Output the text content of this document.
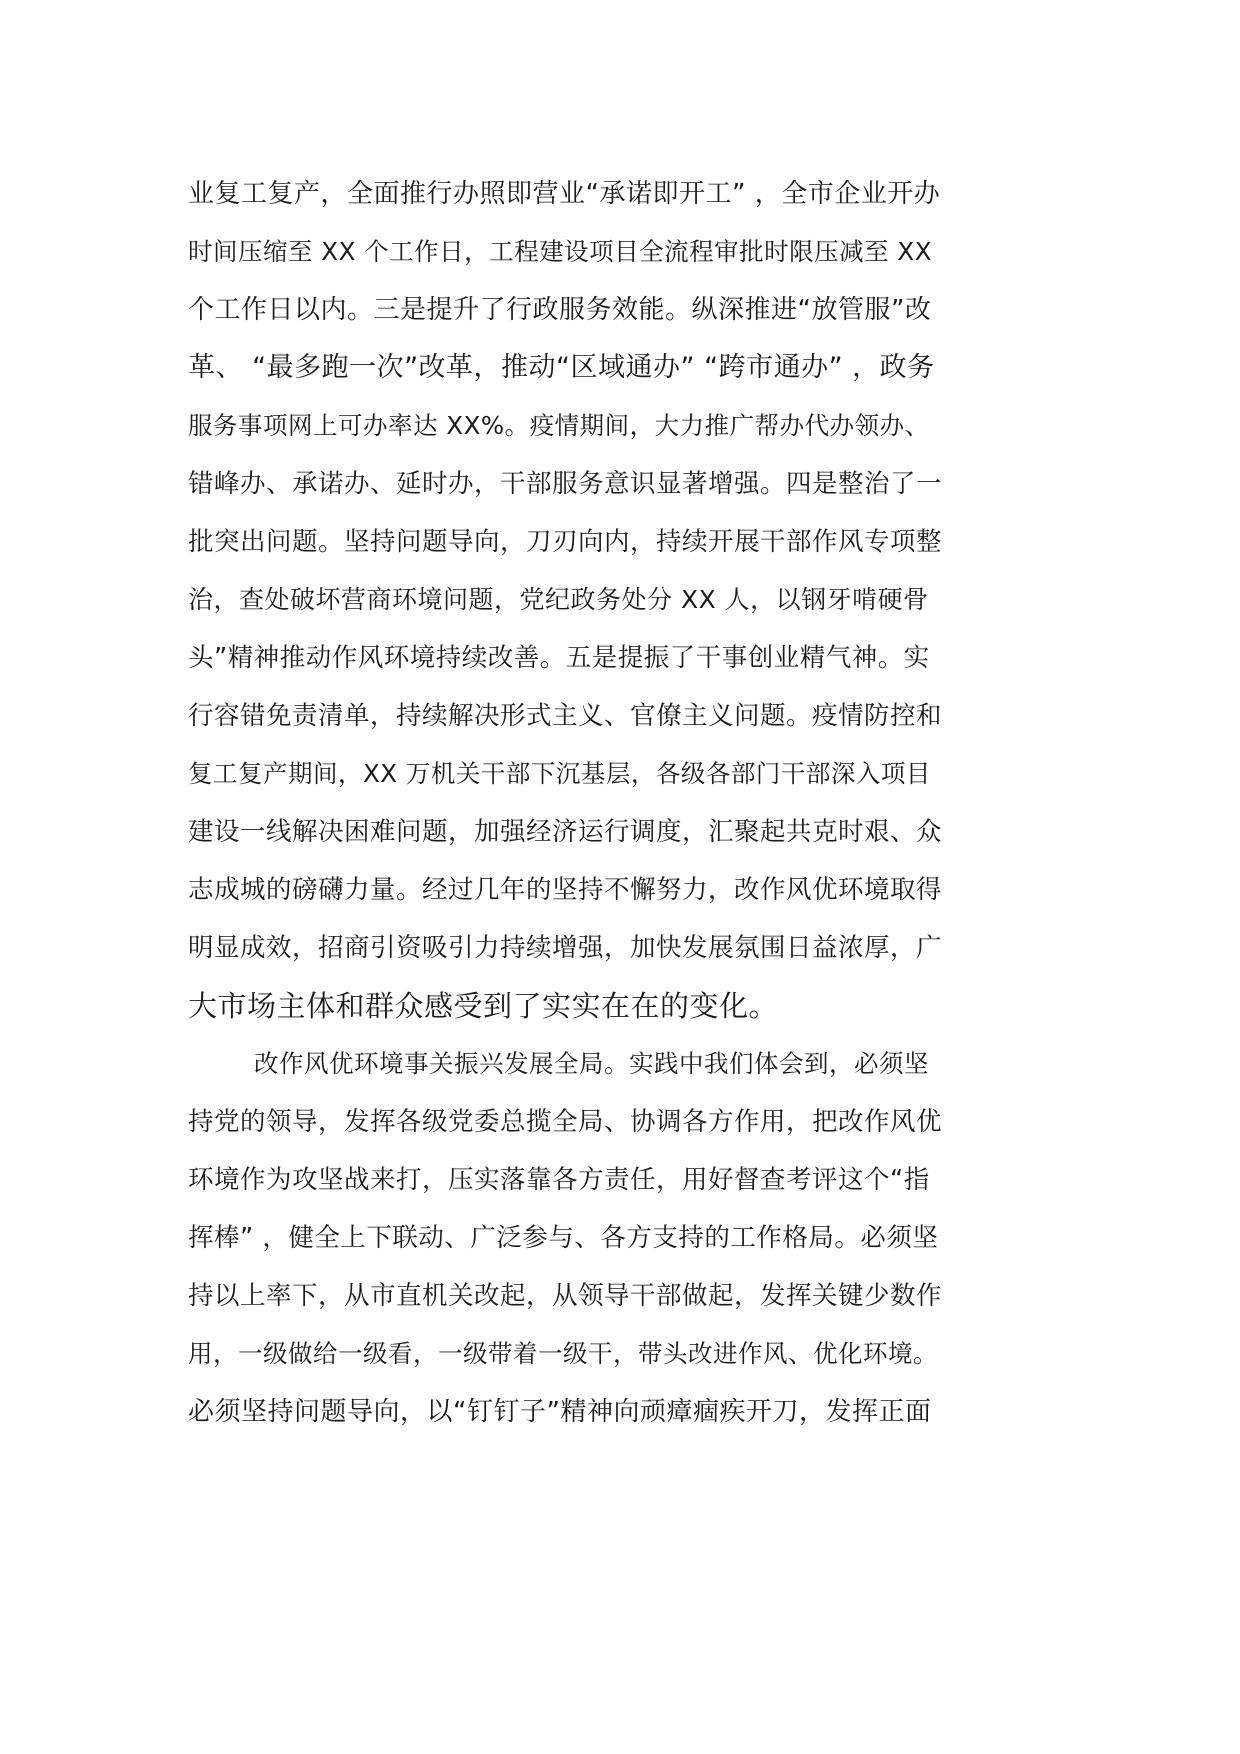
业复工复产，全面推行办照即营业“承诺即开工” ，全市企业开办
时间压缩至 XX 个工作日，工程建设项目全流程审批时限压减至 XX
个工作日以内。三是提升了行政服务效能。纵深推进“放管服”改
革、 “最多跑一次”改革，推动“区域通办” “跨市通办” ，政务
服务事项网上可办率达 XX%。疫情期间，大力推广帮办代办领办、
错峰办、承诺办、延时办，干部服务意识显著增强。四是整治了一
批突出问题。坚持问题导向，刀刃向内，持续开展干部作风专项整
治，查处破坏营商环境问题，党纪政务处分 XX 人，以钢牙啃硬骨
头”精神推动作风环境持续改善。五是提振了干事创业精气神。实
行容错免责清单，持续解决形式主义、官僚主义问题。疫情防控和
复工复产期间，XX 万机关干部下沉基层，各级各部门干部深入项目
建设一线解决困难问题，加强经济运行调度，汇聚起共克时艰、众
志成城的磅礴力量。经过几年的坚持不懈努力，改作风优环境取得
明显成效，招商引资吸引力持续增强，加快发展氛围日益浓厚，广
大市场主体和群众感受到了实实在在的变化。
改作风优环境事关振兴发展全局。实践中我们体会到，必须坚
持党的领导，发挥各级党委总揽全局、协调各方作用，把改作风优
环境作为攻坚战来打，压实落靠各方责任，用好督查考评这个“指
挥棒” ，健全上下联动、广泛参与、各方支持的工作格局。必须坚
持以上率下，从市直机关改起，从领导干部做起，发挥关键少数作
用，一级做给一级看，一级带着一级干，带头改进作风、优化环境。
必须坚持问题导向，以“钉钉子”精神向顽瘴痼疾开刀，发挥正面
